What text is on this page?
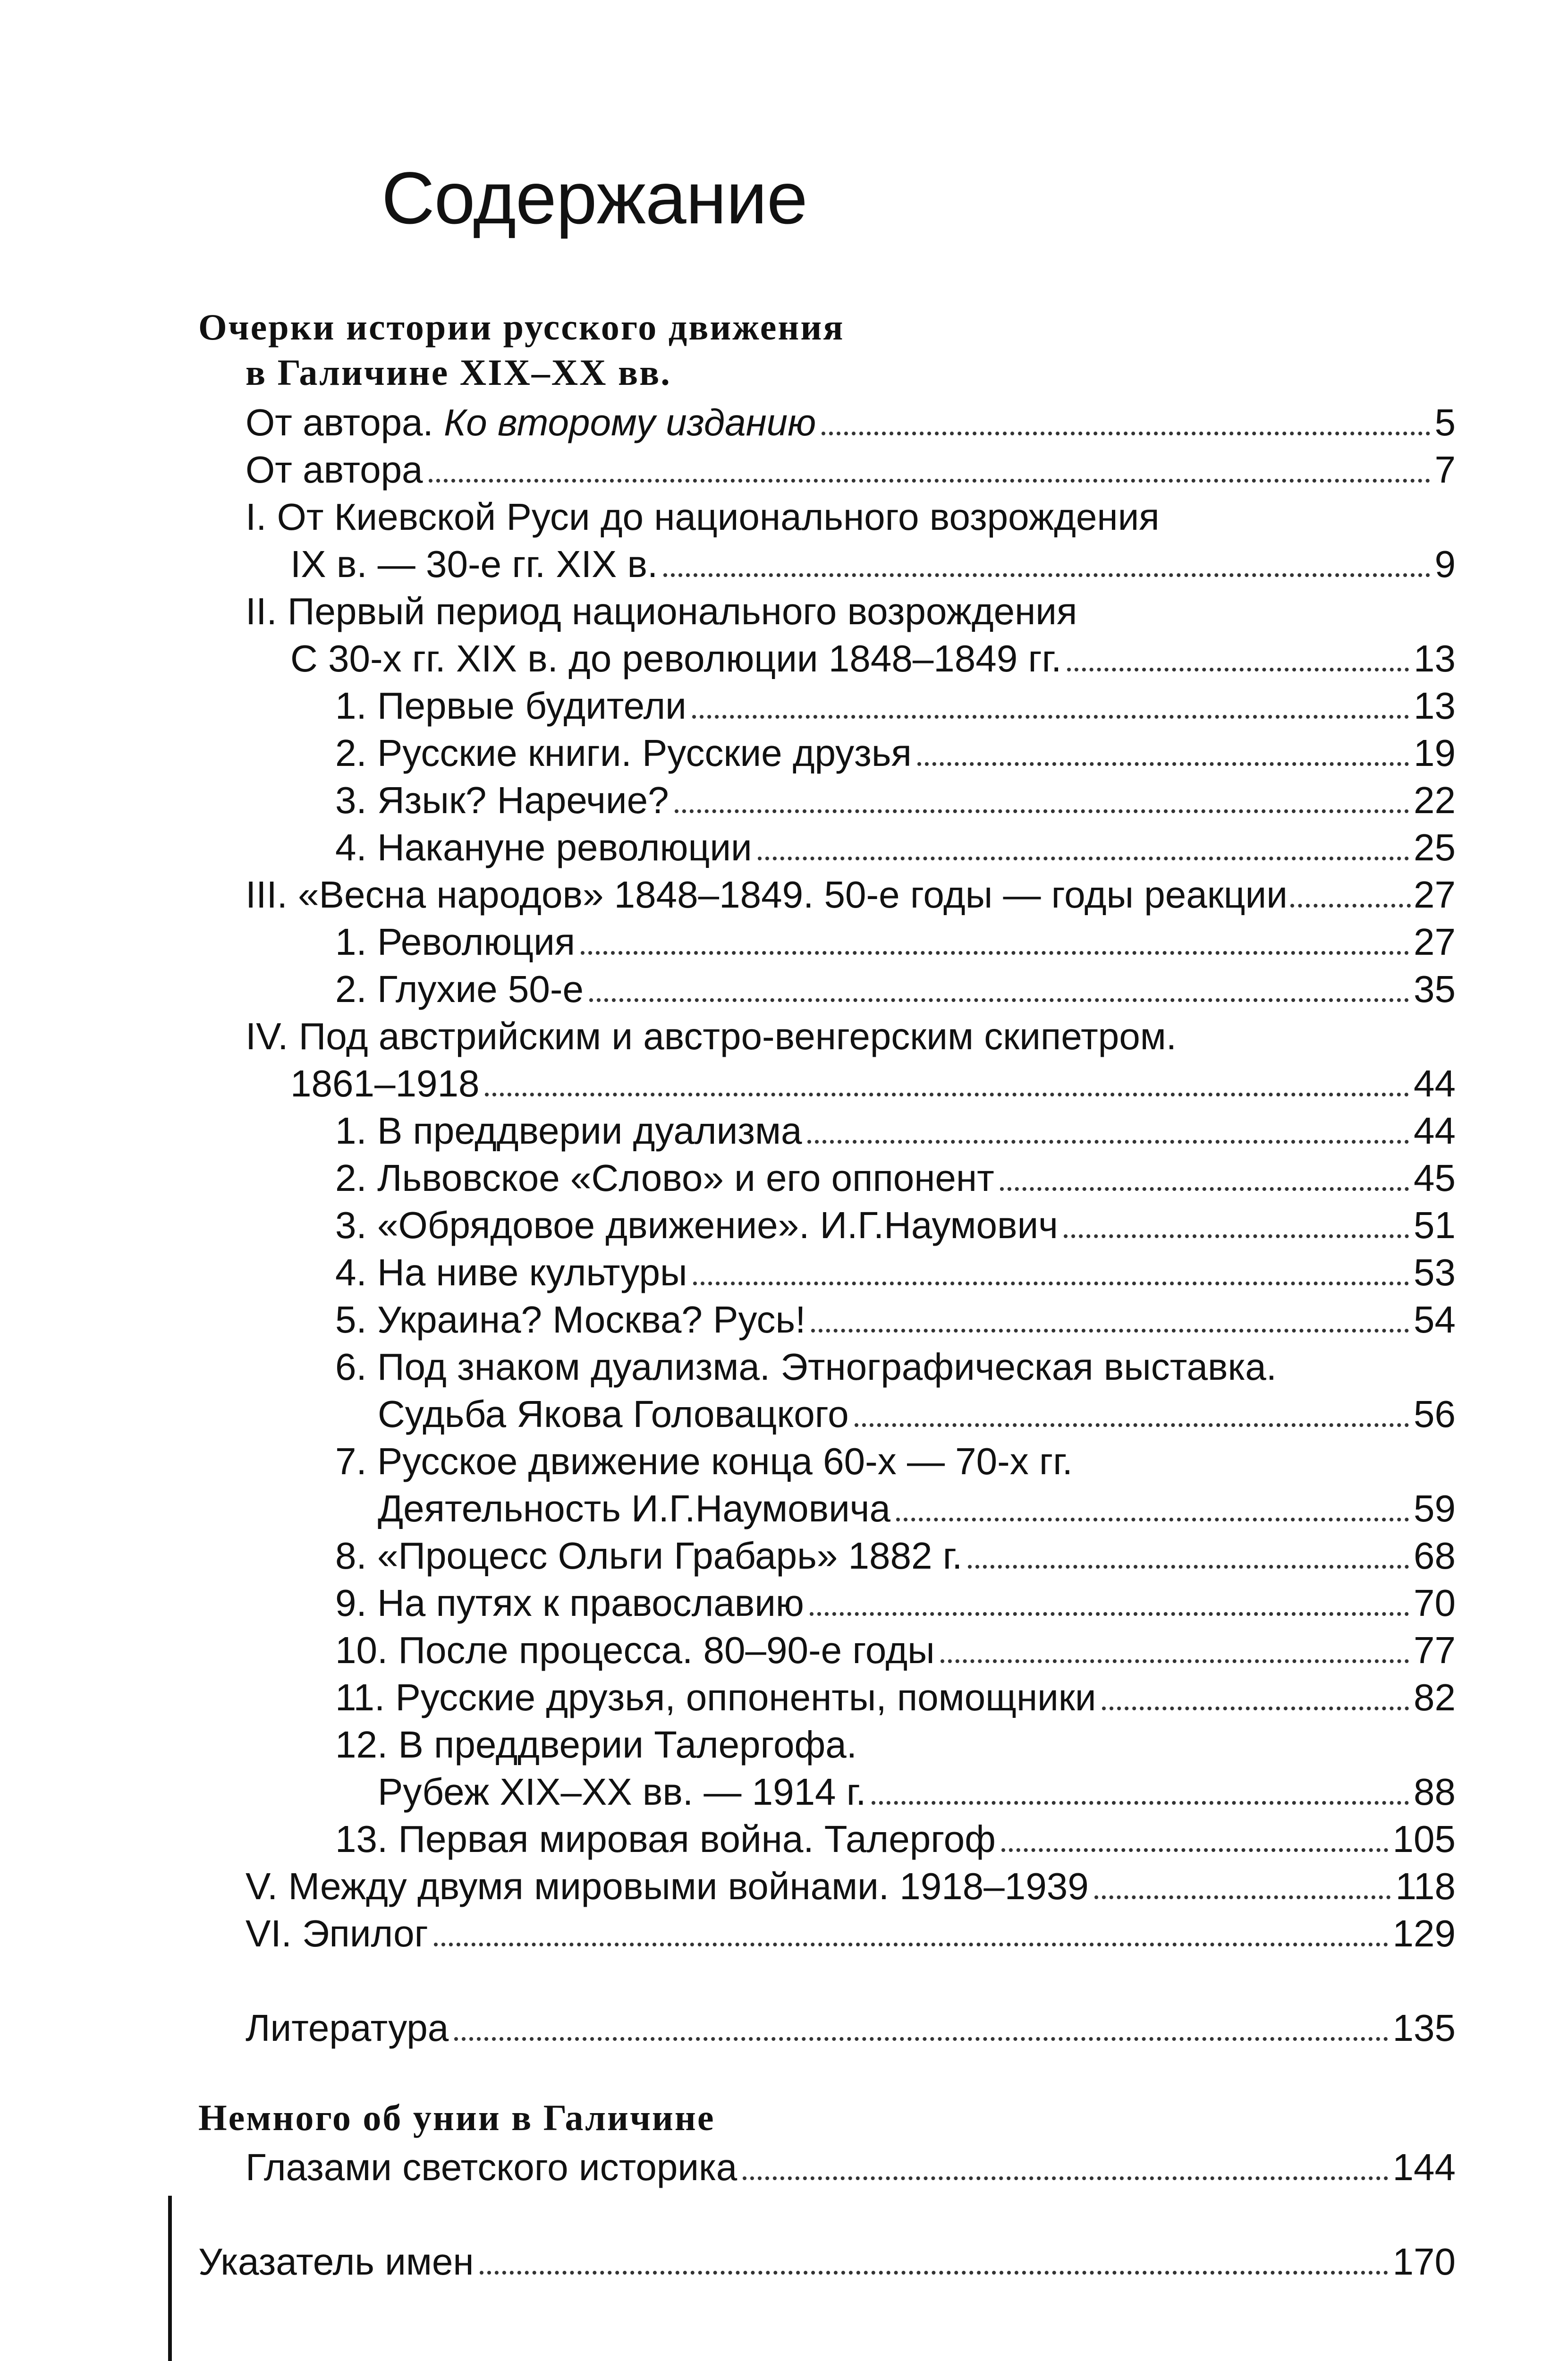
Содержание
Очерки истории русского движения
в Галичине XIX–XX вв.
От автора. Ко второму изданию	5
От автора	7
I. От Киевской Руси до национального возрождения
IX в. — 30-е гг. XIX в.	9
II. Первый период национального возрождения
С 30-х гг. XIX в. до революции 1848–1849 гг.	13
1. Первые будители	13
2. Русские книги. Русские друзья	19
3. Язык? Наречие?	22
4. Накануне революции	25
III. «Весна народов» 1848–1849. 50-е годы — годы реакции	27
1. Революция	27
2. Глухие 50-е	35
IV. Под австрийским и австро-венгерским скипетром.
1861–1918	44
1. В преддверии дуализма	44
2. Львовское «Слово» и его оппонент	45
3. «Обрядовое движение». И.Г.Наумович	51
4. На ниве культуры	53
5. Украина? Москва? Русь!	54
6. Под знаком дуализма. Этнографическая выставка.
Судьба Якова Головацкого	56
7. Русское движение конца 60-х — 70-х гг.
Деятельность И.Г.Наумовича	59
8. «Процесс Ольги Грабарь» 1882 г.	68
9. На путях к православию	70
10. После процесса. 80–90-е годы	77
11. Русские друзья, оппоненты, помощники	82
12. В преддверии Талергофа.
Рубеж XIX–XX вв. — 1914 г.	88
13. Первая мировая война. Талергоф	105
V. Между двумя мировыми войнами. 1918–1939	118
VI. Эпилог	129
Литература	135
Немного об унии в Галичине
Глазами светского историка	144
Указатель имен	170
